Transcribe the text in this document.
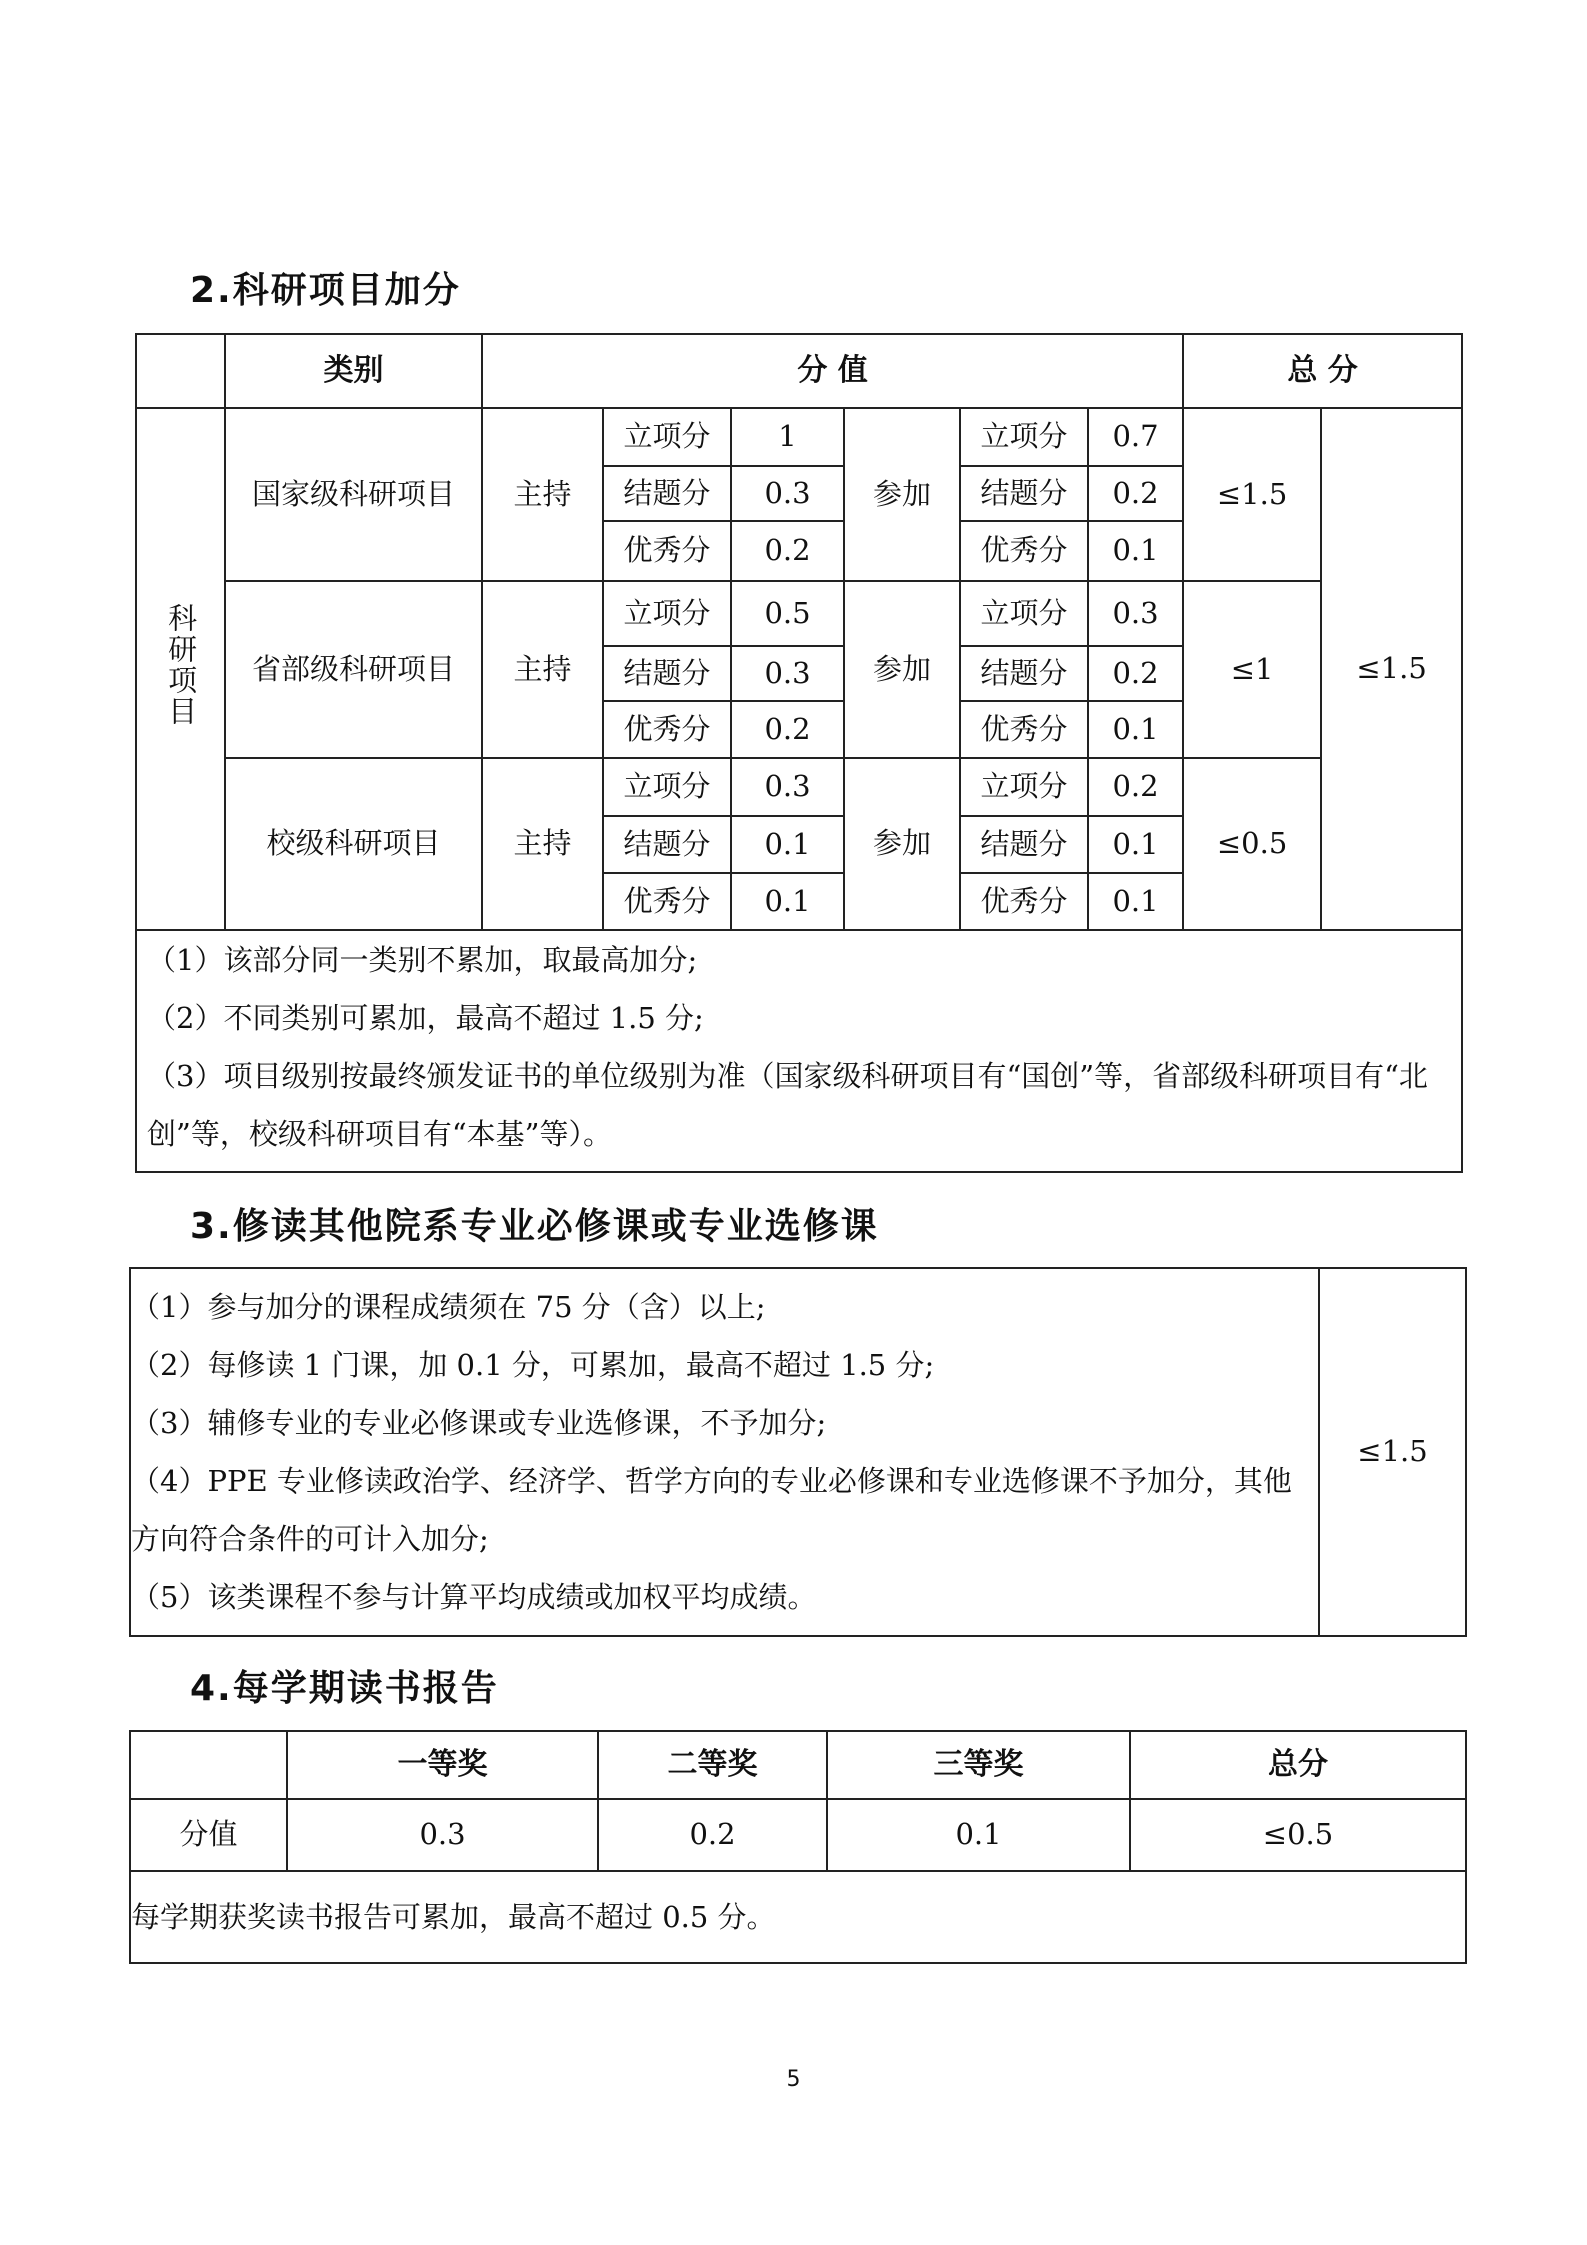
2.科研项目加分
	类别	分 值						总 分	
科研项目	国家级科研项目	主持	立项分	1	参加	立项分	0.7	≤1.5	≤1.5
			结题分	0.3		结题分	0.2		
			优秀分	0.2		优秀分	0.1		
	省部级科研项目	主持	立项分	0.5	参加	立项分	0.3	≤1	
			结题分	0.3		结题分	0.2		
			优秀分	0.2		优秀分	0.1		
	校级科研项目	主持	立项分	0.3	参加	立项分	0.2	≤0.5	
			结题分	0.1		结题分	0.1		
			优秀分	0.1		优秀分	0.1		

（1）该部分同一类别不累加，取最高加分;
（2）不同类别可累加，最高不超过 1.5 分;
（3）项目级别按最终颁发证书的单位级别为准（国家级科研项目有“国创”等，省部级科研项目有“北创”等，校级科研项目有“本基”等）。									
3.修读其他院系专业必修课或专业选修课
（1）参与加分的课程成绩须在 75 分（含）以上;
（2）每修读 1 门课，加 0.1 分，可累加，最高不超过 1.5 分;
（3）辅修专业的专业必修课或专业选修课，不予加分;
（4）PPE 专业修读政治学、经济学、哲学方向的专业必修课和专业选修课不予加分，其他方向符合条件的可计入加分;
（5）该类课程不参与计算平均成绩或加权平均成绩。
	≤1.5
4.每学期读书报告
	一等奖	二等奖	三等奖	总分
分值	0.3	0.2	0.1	≤0.5

每学期获奖读书报告可累加，最高不超过 0.5 分。				
5
